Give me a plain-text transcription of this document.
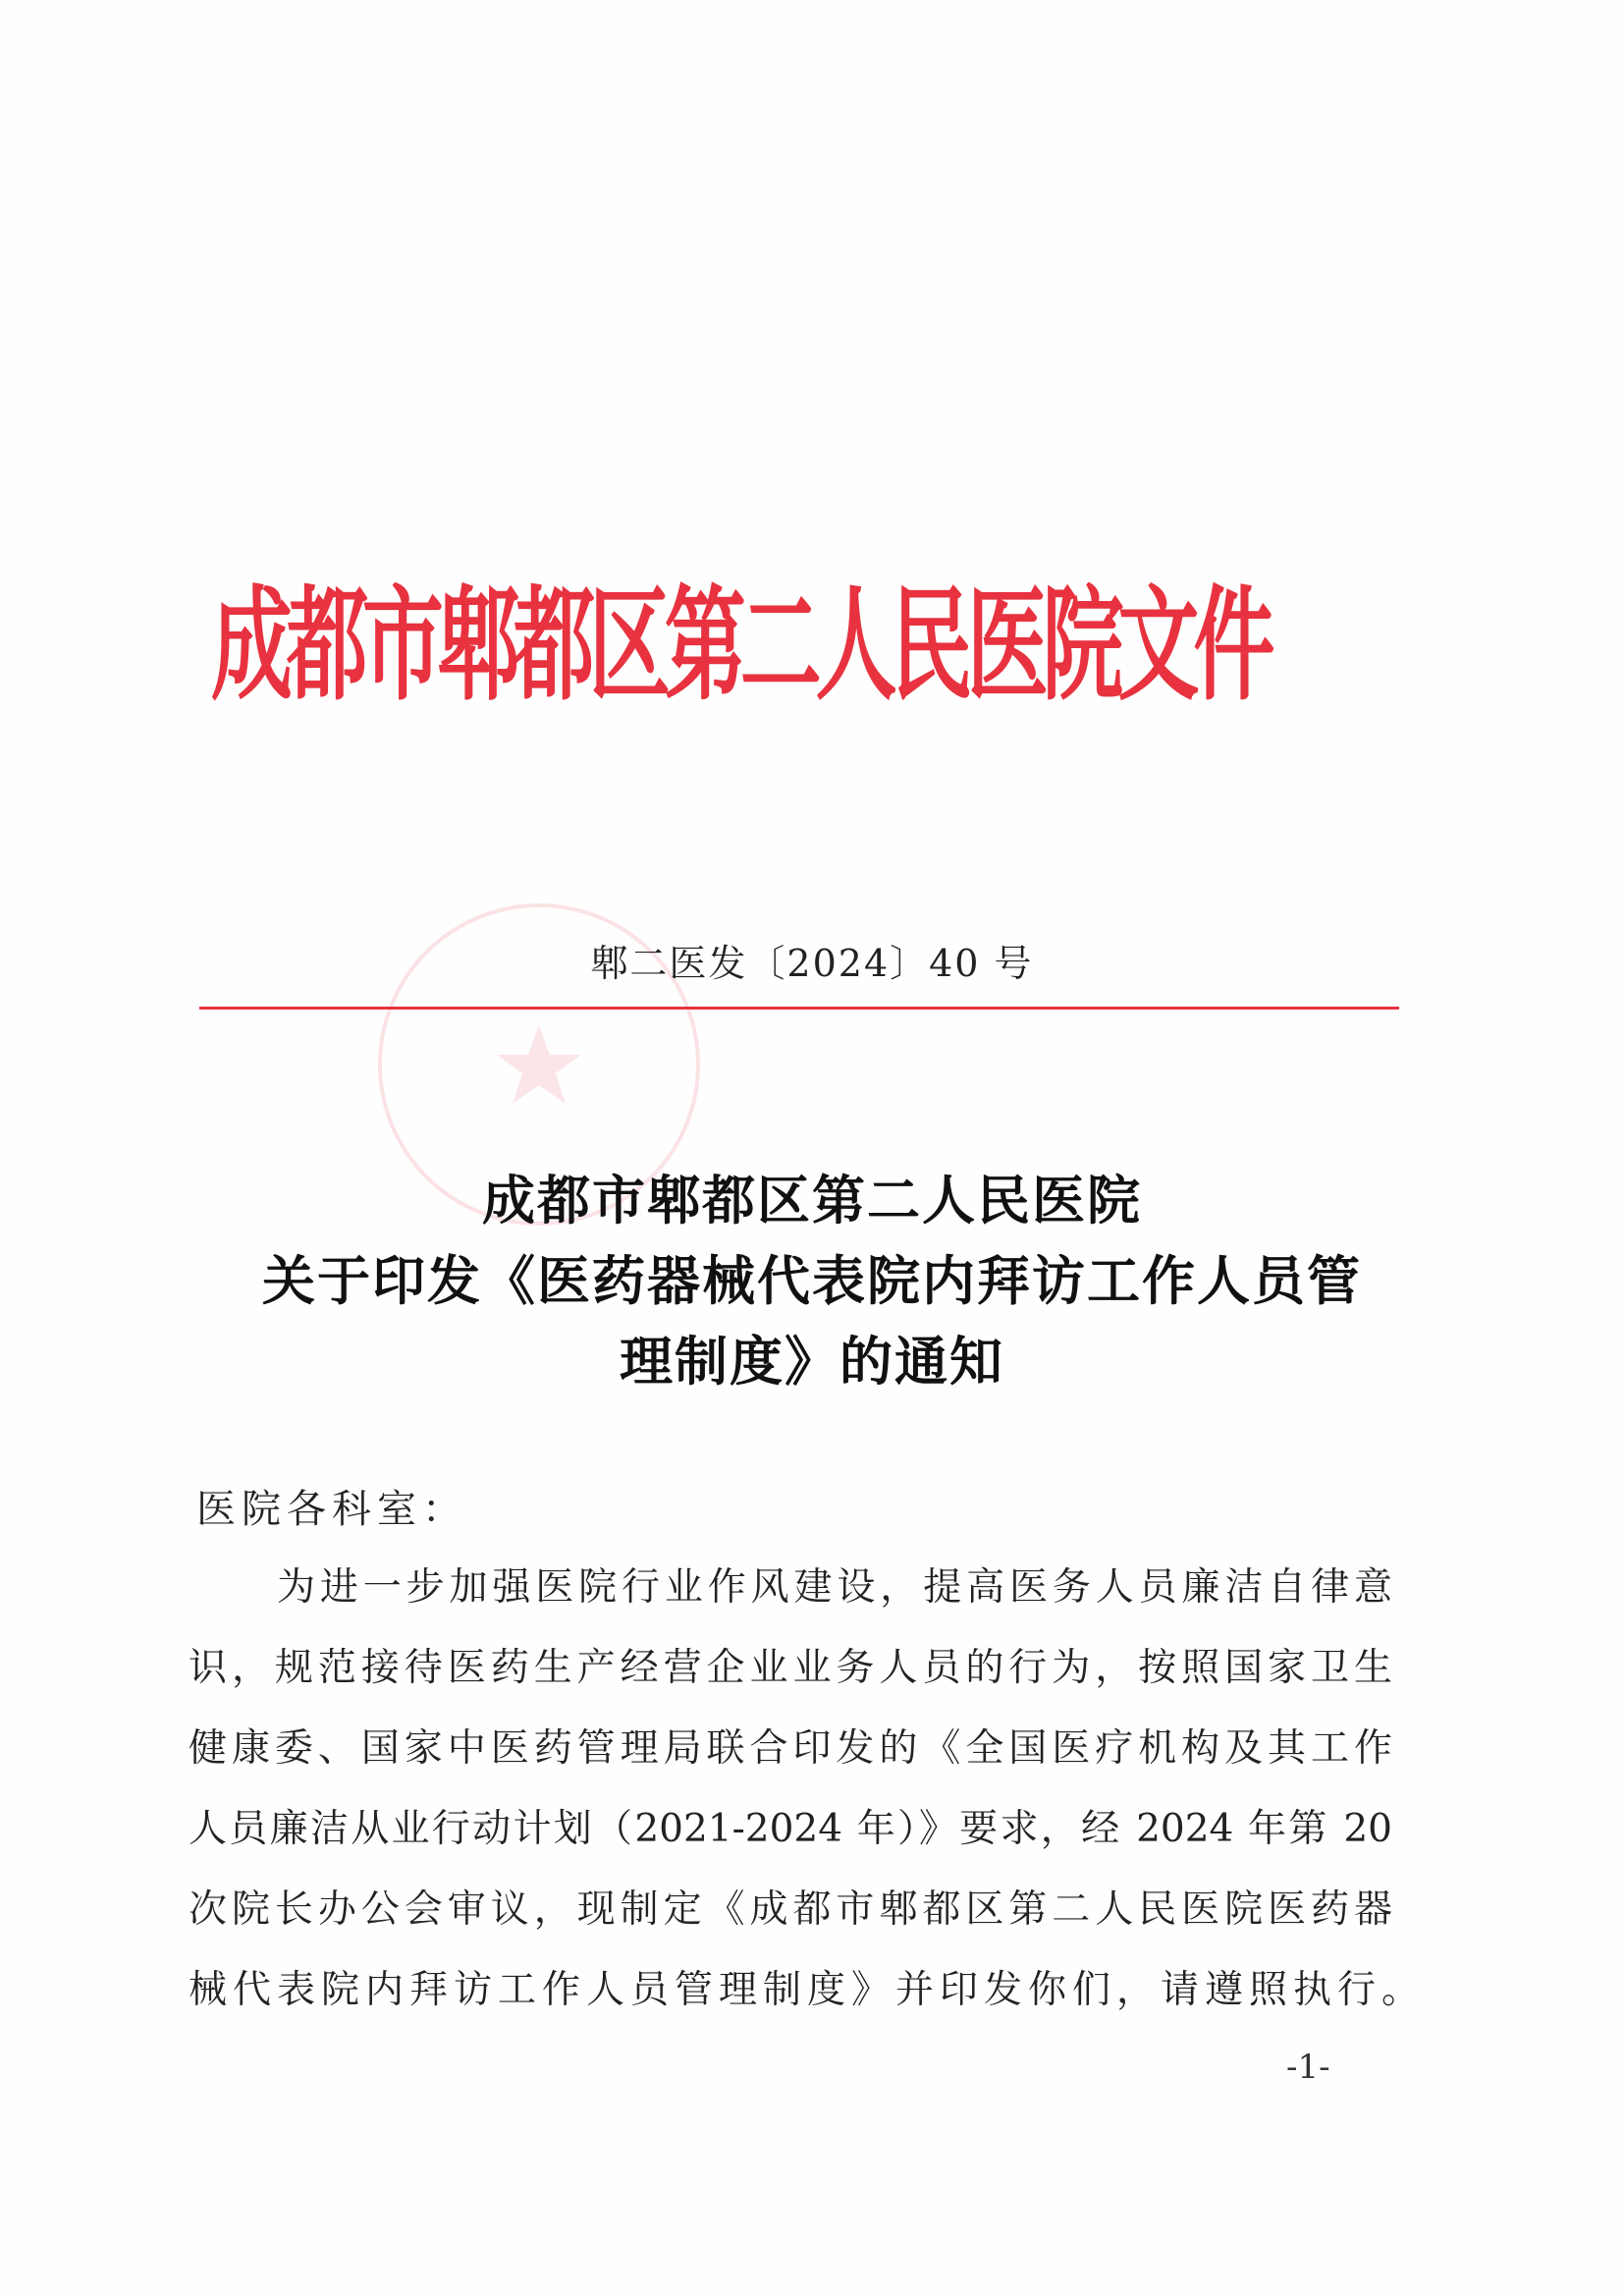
成都市郫都区第二人民医院文件
郫二医发〔2024〕40 号
成都市郫都区第二人民医院
关于印发《医药器械代表院内拜访工作人员管
理制度》的通知
医院各科室：
为进一步加强医院行业作风建设，提高医务人员廉洁自律意
识，规范接待医药生产经营企业业务人员的行为，按照国家卫生
健康委、国家中医药管理局联合印发的《全国医疗机构及其工作
人员廉洁从业行动计划（2021-2024 年）》要求，经 2024 年第 20
次院长办公会审议，现制定《成都市郫都区第二人民医院医药器
械代表院内拜访工作人员管理制度》并印发你们，请遵照执行。
-1-
